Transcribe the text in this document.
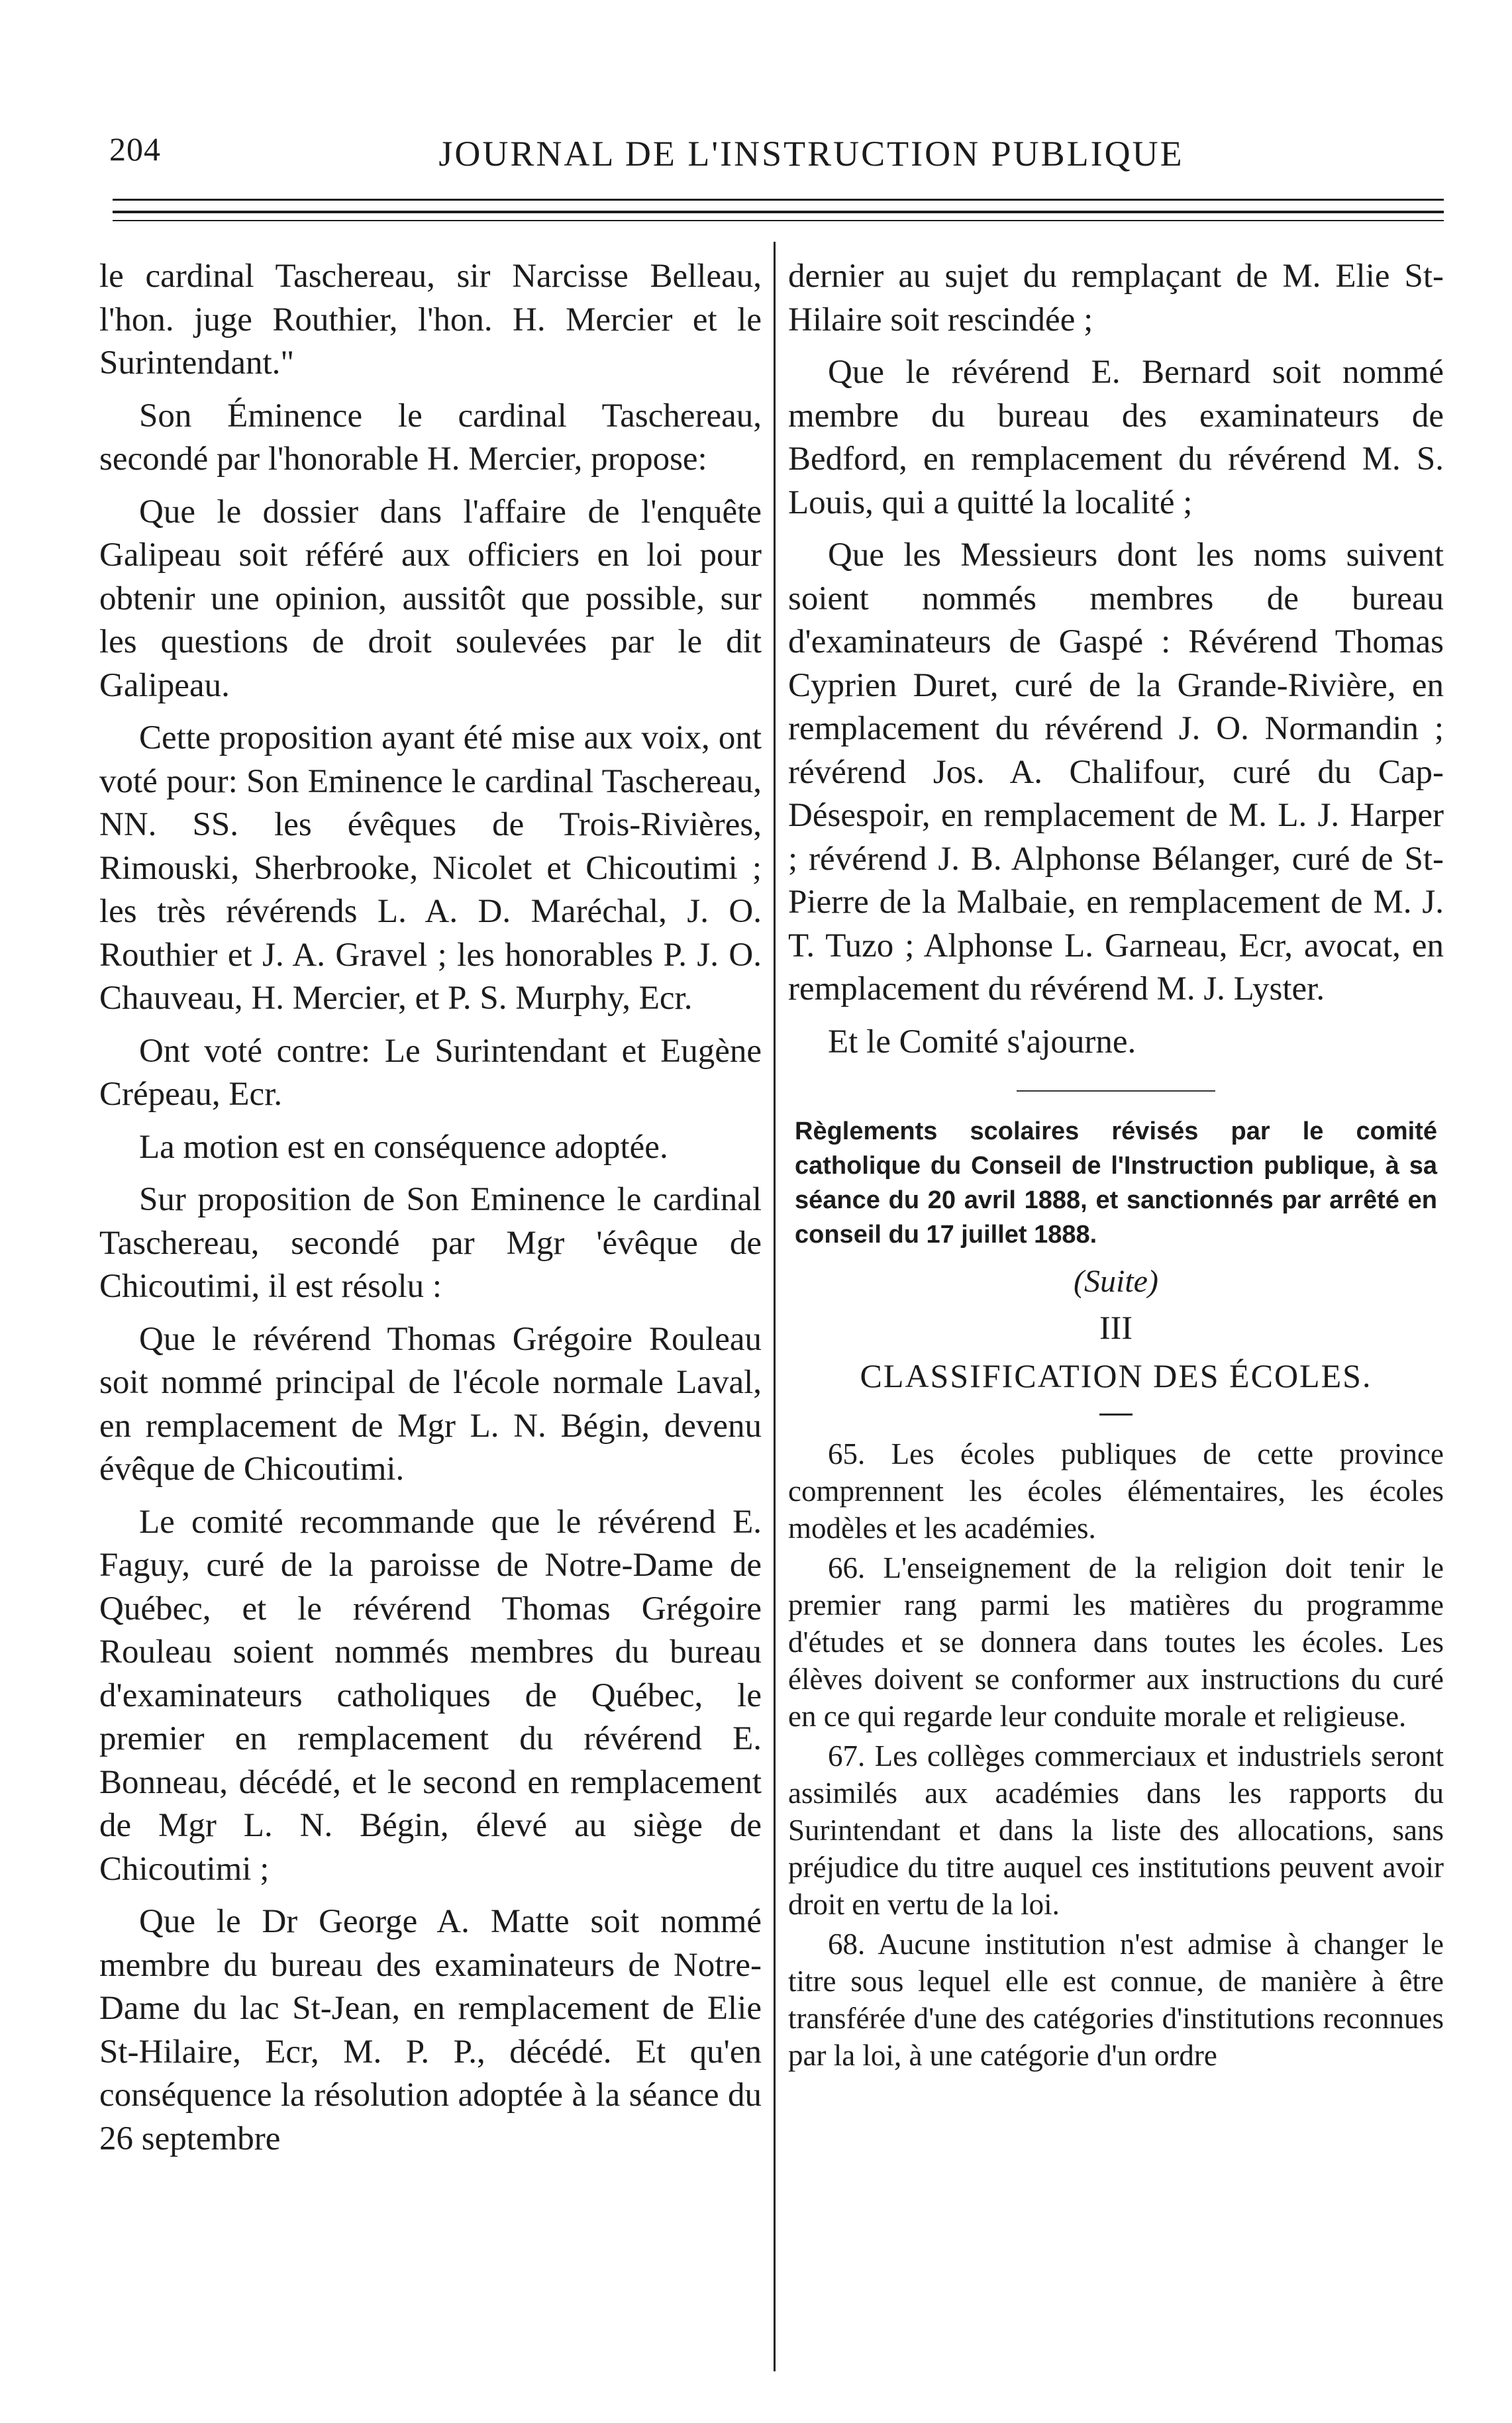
204	JOURNAL DE L'INSTRUCTION PUBLIQUE

le cardinal Taschereau, sir Narcisse Belleau, l'hon. juge Routhier, l'hon. H. Mercier et le Surintendant."

Son Éminence le cardinal Taschereau, secondé par l'honorable H. Mercier, propose:

Que le dossier dans l'affaire de l'enquête Galipeau soit référé aux officiers en loi pour obtenir une opinion, aussitôt que possible, sur les questions de droit soulevées par le dit Galipeau.

Cette proposition ayant été mise aux voix, ont voté pour: Son Eminence le cardinal Taschereau, NN. SS. les évêques de Trois-Rivières, Rimouski, Sherbrooke, Nicolet et Chicoutimi ; les très révérends L. A. D. Maréchal, J. O. Routhier et J. A. Gravel ; les honorables P. J. O. Chauveau, H. Mercier, et P. S. Murphy, Ecr.

Ont voté contre: Le Surintendant et Eugène Crépeau, Ecr.

La motion est en conséquence adoptée.

Sur proposition de Son Eminence le cardinal Taschereau, secondé par Mgr 'évêque de Chicoutimi, il est résolu :

Que le révérend Thomas Grégoire Rouleau soit nommé principal de l'école normale Laval, en remplacement de Mgr L. N. Bégin, devenu évêque de Chicoutimi.

Le comité recommande que le révérend E. Faguy, curé de la paroisse de Notre-Dame de Québec, et le révérend Thomas Grégoire Rouleau soient nommés membres du bureau d'examinateurs catholiques de Québec, le premier en remplacement du révérend E. Bonneau, décédé, et le second en remplacement de Mgr L. N. Bégin, élevé au siège de Chicoutimi ;

Que le Dr George A. Matte soit nommé membre du bureau des examinateurs de Notre-Dame du lac St-Jean, en remplacement de Elie St-Hilaire, Ecr, M. P. P., décédé. Et qu'en conséquence la résolution adoptée à la séance du 26 septembre

dernier au sujet du remplaçant de M. Elie St-Hilaire soit rescindée ;

Que le révérend E. Bernard soit nommé membre du bureau des examinateurs de Bedford, en remplacement du révérend M. S. Louis, qui a quitté la localité ;

Que les Messieurs dont les noms suivent soient nommés membres de bureau d'examinateurs de Gaspé : Révérend Thomas Cyprien Duret, curé de la Grande-Rivière, en remplacement du révérend J. O. Normandin ; révérend Jos. A. Chalifour, curé du Cap-Désespoir, en remplacement de M. L. J. Harper ; révérend J. B. Alphonse Bélanger, curé de St-Pierre de la Malbaie, en remplacement de M. J. T. Tuzo ; Alphonse L. Garneau, Ecr, avocat, en remplacement du révérend M. J. Lyster.

Et le Comité s'ajourne.

Règlements scolaires révisés par le comité catholique du Conseil de l'Instruction publique, à sa séance du 20 avril 1888, et sanctionnés par arrêté en conseil du 17 juillet 1888.
(Suite)
III
CLASSIFICATION DES ÉCOLES.

65. Les écoles publiques de cette province comprennent les écoles élémentaires, les écoles modèles et les académies.

66. L'enseignement de la religion doit tenir le premier rang parmi les matières du programme d'études et se donnera dans toutes les écoles. Les élèves doivent se conformer aux instructions du curé en ce qui regarde leur conduite morale et religieuse.

67. Les collèges commerciaux et industriels seront assimilés aux académies dans les rapports du Surintendant et dans la liste des allocations, sans préjudice du titre auquel ces institutions peuvent avoir droit en vertu de la loi.

68. Aucune institution n'est admise à changer le titre sous lequel elle est connue, de manière à être transférée d'une des catégories d'institutions reconnues par la loi, à une catégorie d'un ordre
